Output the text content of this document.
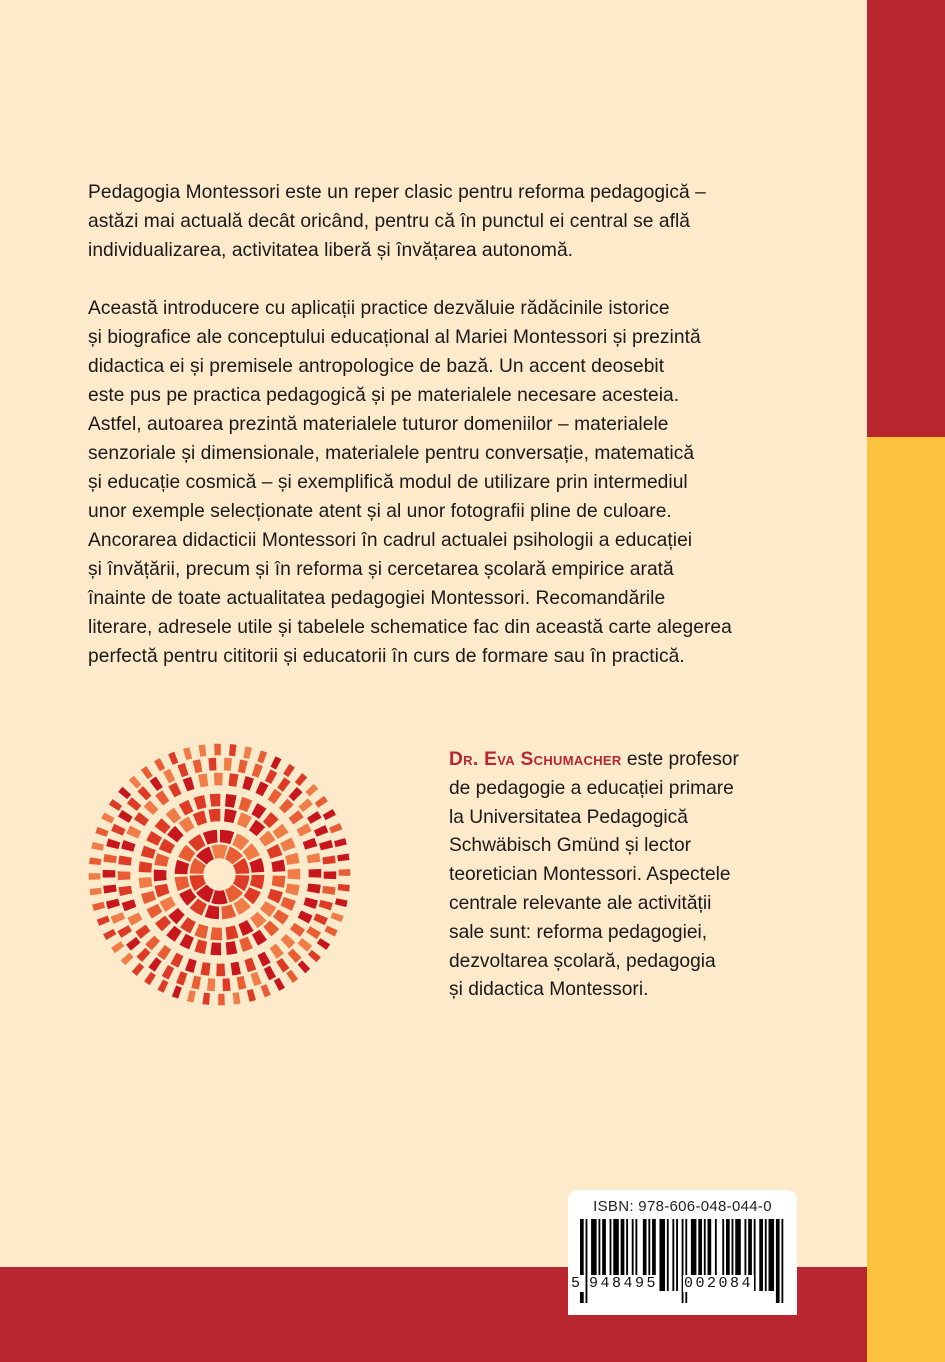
Pedagogia Montessori este un reper clasic pentru reforma pedagogică –
astăzi mai actuală decât oricând, pentru că în punctul ei central se află
individualizarea, activitatea liberă și învățarea autonomă.

Această introducere cu aplicații practice dezvăluie rădăcinile istorice
și biografice ale conceptului educațional al Mariei Montessori și prezintă
didactica ei și premisele antropologice de bază. Un accent deosebit
este pus pe practica pedagogică și pe materialele necesare acesteia.
Astfel, autoarea prezintă materialele tuturor domeniilor – materialele
senzoriale și dimensionale, materialele pentru conversație, matematică
și educație cosmică – și exemplifică modul de utilizare prin intermediul
unor exemple selecționate atent și al unor fotografii pline de culoare.
Ancorarea didacticii Montessori în cadrul actualei psihologii a educației
și învățării, precum și în reforma și cercetarea școlară empirice arată
înainte de toate actualitatea pedagogiei Montessori. Recomandările
literare, adresele utile și tabelele schematice fac din această carte alegerea
perfectă pentru cititorii și educatorii în curs de formare sau în practică.

Dr. Eva Schumacher este profesor
de pedagogie a educației primare
la Universitatea Pedagogică
Schwäbisch Gmünd și lector
teoretician Montessori. Aspectele
centrale relevante ale activității
sale sunt: reforma pedagogiei,
dezvoltarea școlară, pedagogia
și didactica Montessori.

ISBN: 978-606-048-044-0
5 948495 002084
